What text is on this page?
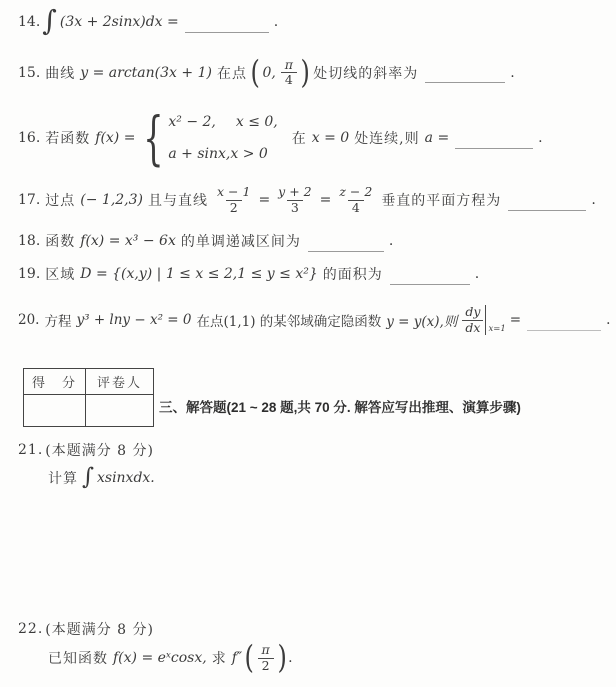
14. ∫ (3x + 2sinx)dx =	.
15. 曲线 y = arctan(3x + 1) 在点 ( 0, $\frac{\pi}{4}$ ) 处切线的斜率为	.
16. 若函数 f(x) = { x² − 2, x ≤ 0,
a + sinx,x > 0
在 x = 0 处连续,则 a =	.
17. 过点 (− 1,2,3) 且与直线 $\frac{x - 1}{2} = \frac{y + 2}{3} = \frac{z - 2}{4}$ 垂直的平面方程为	.
18. 函数 f(x) = x³ − 6x 的单调递减区间为	.
19. 区域 D = {(x,y) | 1 ≤ x ≤ 2,1 ≤ y ≤ x²} 的面积为	.
20. 方程 y³ + lny − x² = 0 在点(1,1) 的某邻域确定隐函数 y = y(x),则 $\frac{dy}{dx} x=1$
=	.
得　分	评卷人
三、解答题(21 ~ 28 题,共 70 分. 解答应写出推理、演算步骤)
21. (本题满分 8 分)
计算 ∫ xsinxdx.
22. (本题满分 8 分)
已知函数 f(x) = eˣcosx, 求 f″ ( $\frac{\pi}{2}$ ) .
